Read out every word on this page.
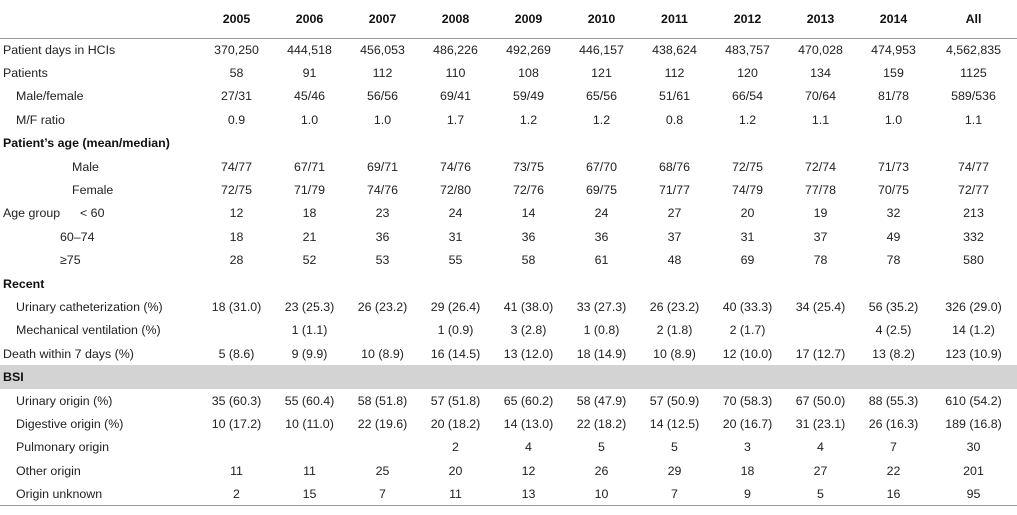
	2005	2006	2007	2008	2009	2010	2011	2012	2013	2014	All
Patient days in HCIs	370,250	444,518	456,053	486,226	492,269	446,157	438,624	483,757	470,028	474,953	4,562,835
Patients	58	91	112	110	108	121	112	120	134	159	1125
Male/female	27/31	45/46	56/56	69/41	59/49	65/56	51/61	66/54	70/64	81/78	589/536
M/F ratio	0.9	1.0	1.0	1.7	1.2	1.2	0.8	1.2	1.1	1.0	1.1
Patient’s age (mean/median)											
Male	74/77	67/71	69/71	74/76	73/75	67/70	68/76	72/75	72/74	71/73	74/77
Female	72/75	71/79	74/76	72/80	72/76	69/75	71/77	74/79	77/78	70/75	72/77
Age group < 60	12	18	23	24	14	24	27	20	19	32	213
60–74	18	21	36	31	36	36	37	31	37	49	332
≥75	28	52	53	55	58	61	48	69	78	78	580
Recent											
Urinary catheterization (%)	18 (31.0)	23 (25.3)	26 (23.2)	29 (26.4)	41 (38.0)	33 (27.3)	26 (23.2)	40 (33.3)	34 (25.4)	56 (35.2)	326 (29.0)
Mechanical ventilation (%)		1 (1.1)		1 (0.9)	3 (2.8)	1 (0.8)	2 (1.8)	2 (1.7)		4 (2.5)	14 (1.2)
Death within 7 days (%)	5 (8.6)	9 (9.9)	10 (8.9)	16 (14.5)	13 (12.0)	18 (14.9)	10 (8.9)	12 (10.0)	17 (12.7)	13 (8.2)	123 (10.9)
BSI											
Urinary origin (%)	35 (60.3)	55 (60.4)	58 (51.8)	57 (51.8)	65 (60.2)	58 (47.9)	57 (50.9)	70 (58.3)	67 (50.0)	88 (55.3)	610 (54.2)
Digestive origin (%)	10 (17.2)	10 (11.0)	22 (19.6)	20 (18.2)	14 (13.0)	22 (18.2)	14 (12.5)	20 (16.7)	31 (23.1)	26 (16.3)	189 (16.8)
Pulmonary origin				2	4	5	5	3	4	7	30
Other origin	11	11	25	20	12	26	29	18	27	22	201
Origin unknown	2	15	7	11	13	10	7	9	5	16	95
